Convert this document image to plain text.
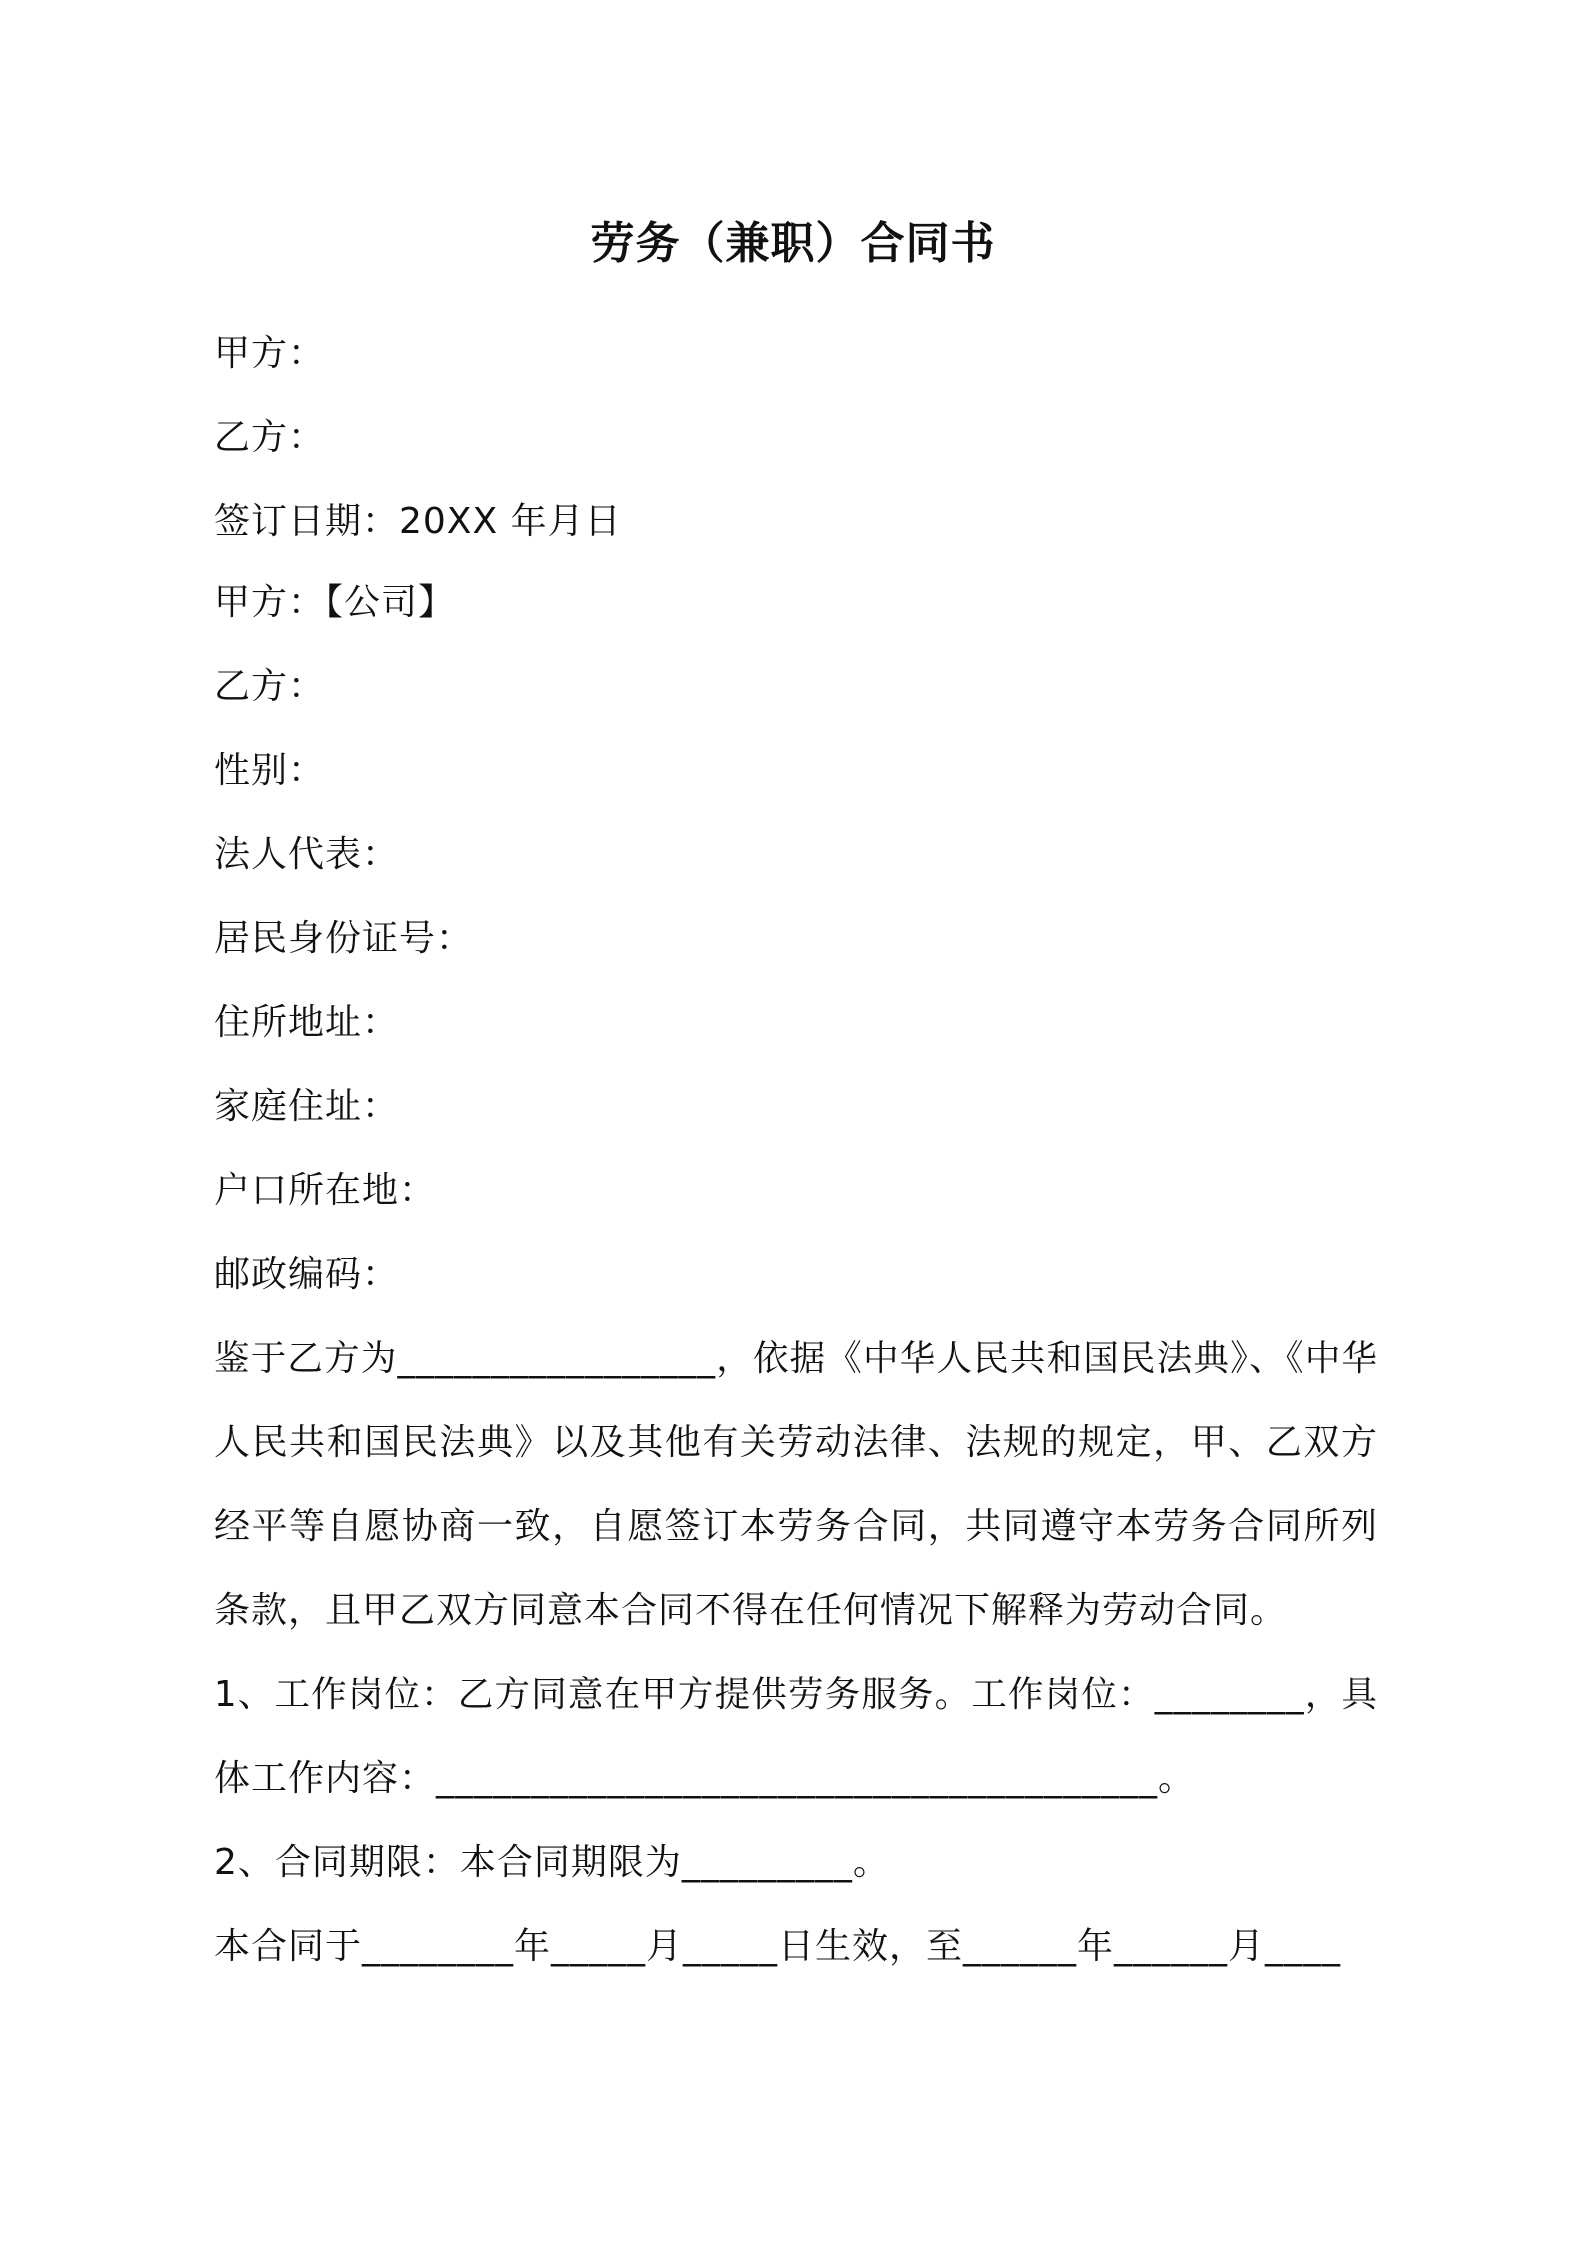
劳务（兼职）合同书
甲方：
乙方：
签订日期：20XX 年月日
甲方：【公司】
乙方：
性别：
法人代表：
居民身份证号：
住所地址：
家庭住址：
户口所在地：
邮政编码：
鉴于乙方为_________________，依据《中华人民共和国民法典》、《中华
人民共和国民法典》以及其他有关劳动法律、法规的规定，甲、乙双方
经平等自愿协商一致，自愿签订本劳务合同，共同遵守本劳务合同所列
条款，且甲乙双方同意本合同不得在任何情况下解释为劳动合同。
1、工作岗位：乙方同意在甲方提供劳务服务。工作岗位：________，具
体工作内容：______________________________________。
2、合同期限：本合同期限为_________。
本合同于________年_____月_____日生效，至______年______月____
